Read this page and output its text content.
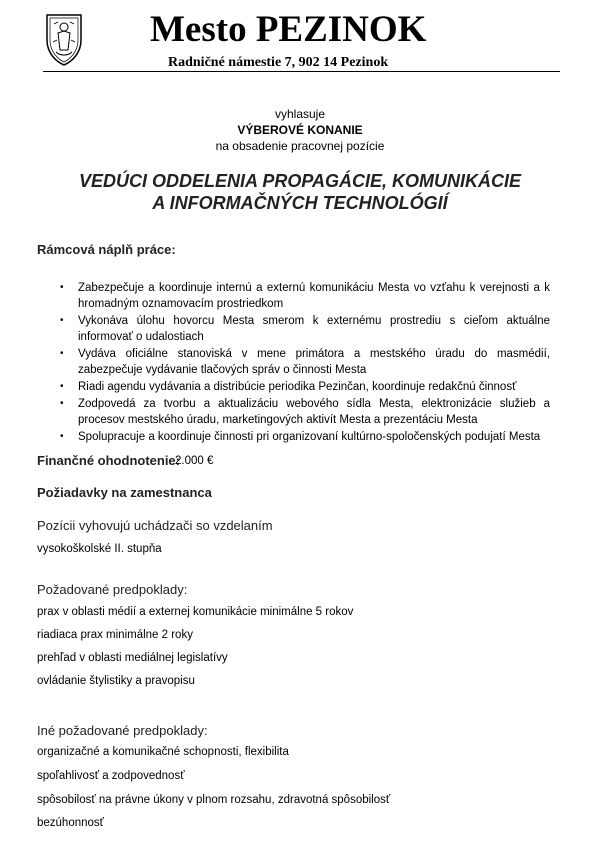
Mesto PEZINOK
Radničné námestie 7, 902 14 Pezinok
vyhlasuje
VÝBEROVÉ KONANIE
na obsadenie pracovnej pozície
VEDÚCI ODDELENIA PROPAGÁCIE, KOMUNIKÁCIE
A INFORMAČNÝCH TECHNOLÓGIÍ
Rámcová náplň práce:
• Zabezpečuje a koordinuje internú a externú komunikáciu Mesta vo vzťahu k verejnosti a k hromadným oznamovacím prostriedkom
• Vykonáva úlohu hovorcu Mesta smerom k externému prostrediu s cieľom aktuálne informovať o udalostiach
• Vydáva oficiálne stanoviská v mene primátora a mestského úradu do masmédií, zabezpečuje vydávanie tlačových správ o činnosti Mesta
• Riadi agendu vydávania a distribúcie periodika Pezinčan, koordinuje redakčnú činnosť
• Zodpovedá za tvorbu a aktualizáciu webového sídla Mesta, elektronizácie služieb a procesov mestského úradu, marketingových aktivít Mesta a prezentáciu Mesta
• Spolupracuje a koordinuje činnosti pri organizovaní kultúrno-spoločenských podujatí Mesta
Finančné ohodnotenie:
2.000 €
Požiadavky na zamestnanca
Pozícii vyhovujú uchádzači so vzdelaním
vysokoškolské II. stupňa
Požadované predpoklady:
prax v oblasti médií a externej komunikácie minimálne 5 rokov
riadiaca prax minimálne 2 roky
prehľad v oblasti mediálnej legislatívy
ovládanie štylistiky a pravopisu
Iné požadované predpoklady:
organizačné a komunikačné schopnosti, flexibilita
spoľahlivosť a zodpovednosť
spôsobilosť na právne úkony v plnom rozsahu, zdravotná spôsobilosť
bezúhonnosť
